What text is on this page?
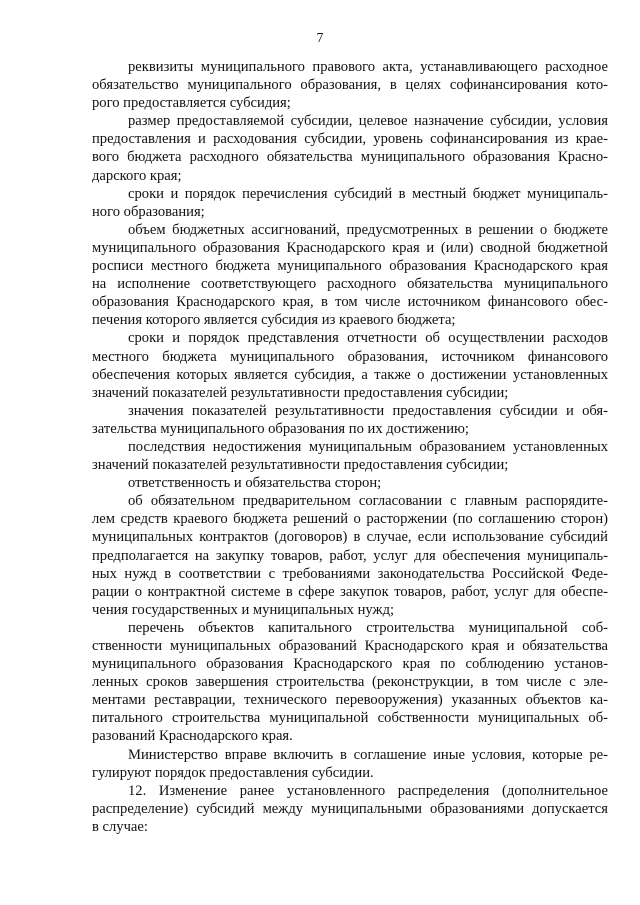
7
реквизиты муниципального правового акта, устанавливающего расходное
обязательство муниципального образования, в целях софинансирования кото-
рого предоставляется субсидия;
размер предоставляемой субсидии, целевое назначение субсидии, условия
предоставления и расходования субсидии, уровень софинансирования из крае-
вого бюджета расходного обязательства муниципального образования Красно-
дарского края;
сроки и порядок перечисления субсидий в местный бюджет муниципаль-
ного образования;
объем бюджетных ассигнований, предусмотренных в решении о бюджете
муниципального образования Краснодарского края и (или) сводной бюджетной
росписи местного бюджета муниципального образования Краснодарского края
на исполнение соответствующего расходного обязательства муниципального
образования Краснодарского края, в том числе источником финансового обес-
печения которого является субсидия из краевого бюджета;
сроки и порядок представления отчетности об осуществлении расходов
местного бюджета муниципального образования, источником финансового
обеспечения которых является субсидия, а также о достижении установленных
значений показателей результативности предоставления субсидии;
значения показателей результативности предоставления субсидии и обя-
зательства муниципального образования по их достижению;
последствия недостижения муниципальным образованием установленных
значений показателей результативности предоставления субсидии;
ответственность и обязательства сторон;
об обязательном предварительном согласовании с главным распорядите-
лем средств краевого бюджета решений о расторжении (по соглашению сторон)
муниципальных контрактов (договоров) в случае, если использование субсидий
предполагается на закупку товаров, работ, услуг для обеспечения муниципаль-
ных нужд в соответствии с требованиями законодательства Российской Феде-
рации о контрактной системе в сфере закупок товаров, работ, услуг для обеспе-
чения государственных и муниципальных нужд;
перечень объектов капитального строительства муниципальной соб-
ственности муниципальных образований Краснодарского края и обязательства
муниципального образования Краснодарского края по соблюдению установ-
ленных сроков завершения строительства (реконструкции, в том числе с эле-
ментами реставрации, технического перевооружения) указанных объектов ка-
питального строительства муниципальной собственности муниципальных об-
разований Краснодарского края.
Министерство вправе включить в соглашение иные условия, которые ре-
гулируют порядок предоставления субсидии.
12. Изменение ранее установленного распределения (дополнительное
распределение) субсидий между муниципальными образованиями допускается
в случае:
